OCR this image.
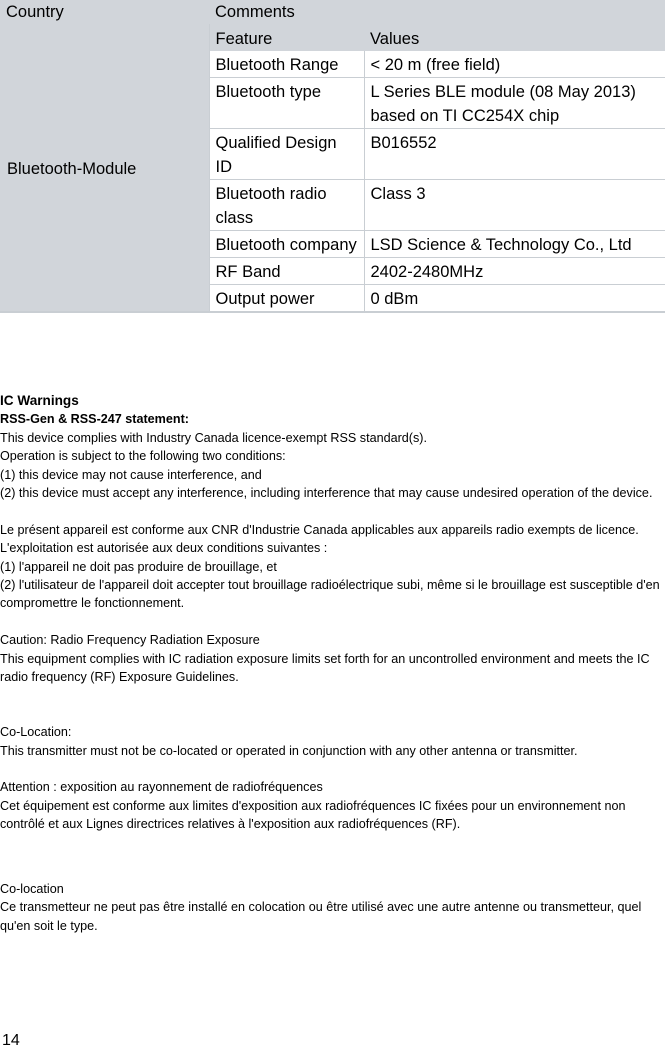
Country	Comments	
Bluetooth-Module	Feature	Values
	Bluetooth Range	< 20 m (free field)
	Bluetooth type	L Series BLE module (08 May 2013) based on TI CC254X chip
	Qualified Design ID	B016552
	Bluetooth radio class	Class 3
	Bluetooth company	LSD Science & Technology Co., Ltd
	RF Band	2402-2480MHz
	Output power	0 dBm

IC Warnings

RSS-Gen & RSS-247 statement:

This device complies with Industry Canada licence-exempt RSS standard(s).

Operation is subject to the following two conditions:

(1) this device may not cause interference, and

(2) this device must accept any interference, including interference that may cause undesired operation of the device.

Le présent appareil est conforme aux CNR d'Industrie Canada applicables aux appareils radio exempts de licence.

L'exploitation est autorisée aux deux conditions suivantes :

(1) l'appareil ne doit pas produire de brouillage, et

(2) l'utilisateur de l'appareil doit accepter tout brouillage radioélectrique subi, même si le brouillage est susceptible d'en compromettre le fonctionnement.

Caution: Radio Frequency Radiation Exposure

This equipment complies with IC radiation exposure limits set forth for an uncontrolled environment and meets the IC radio frequency (RF) Exposure Guidelines.

Co-Location:

This transmitter must not be co-located or operated in conjunction with any other antenna or transmitter.

Attention : exposition au rayonnement de radiofréquences

Cet équipement est conforme aux limites d'exposition aux radiofréquences IC fixées pour un environnement non contrôlé et aux Lignes directrices relatives à l'exposition aux radiofréquences (RF).

Co-location

Ce transmetteur ne peut pas être installé en colocation ou être utilisé avec une autre antenne ou transmetteur, quel qu'en soit le type.

14
